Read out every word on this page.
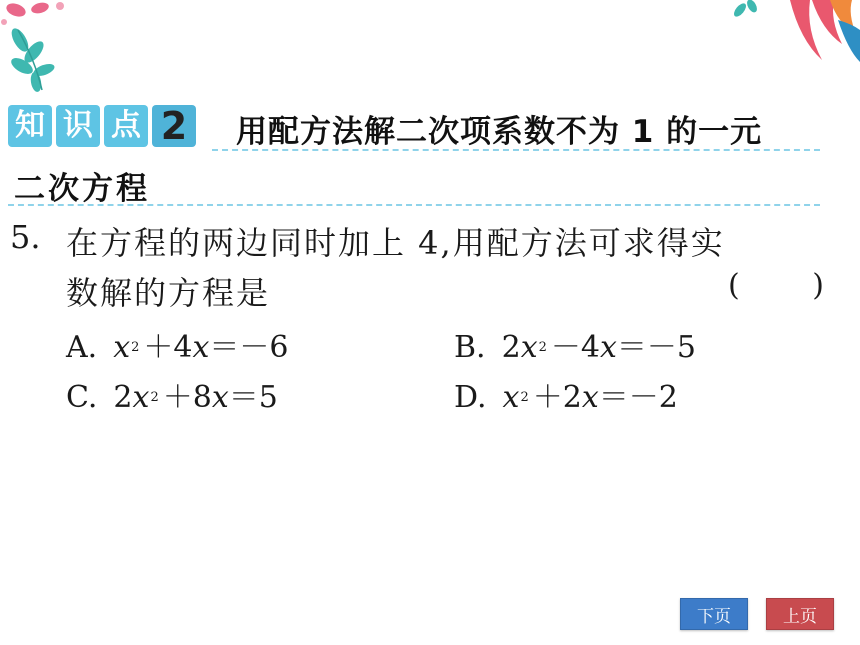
知 识 点 2 用配方法解二次项系数不为 1 的一元
二次方程
5. 在方程的两边同时加上 4,用配方法可求得实
数解的方程是	( )
A. $x^2 +4$ x ＝－6	B. 2 $x^2 -4$ x ＝－5
C. 2 $x^2 +8$ x ＝5	D. $x^2 +2$ x ＝－2
下页	上页
